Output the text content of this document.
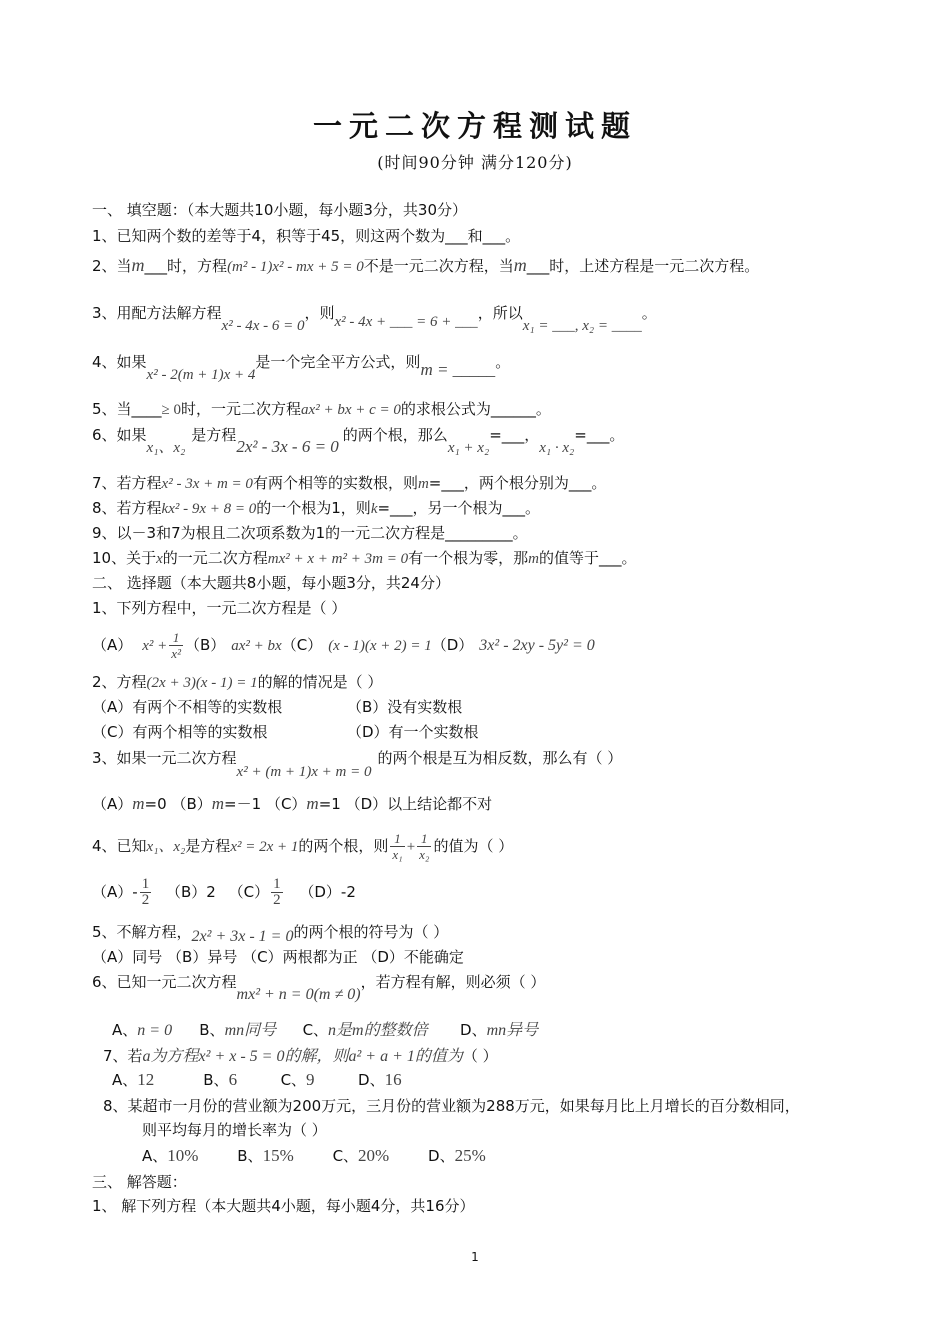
一元二次方程测试题
(时间90分钟 满分120分)
一、 填空题：（本大题共10小题，每小题3分，共30分）
1、已知两个数的差等于4，积等于45，则这两个数为___和___。
2、当m___时，方程(m² - 1)x² - mx + 5 = 0不是一元二次方程，当m___时，上述方程是一元二次方程。
3、用配方法解方程x² - 4x - 6 = 0，则x² - 4x + ___ = 6 + ___，所以x₁ = ___, x₂ = ____。
4、如果x² - 2(m + 1)x + 4是一个完全平方公式，则m = _____。
5、当____≥ 0时，一元二次方程ax² + bx + c = 0的求根公式为______。
6、如果x₁、x₂是方程2x² - 3x - 6 = 0的两个根，那么x₁ + x₂=___，x₁ · x₂=___。
7、若方程x² - 3x + m = 0有两个相等的实数根，则m=___，两个根分别为___。
8、若方程kx² - 9x + 8 = 0的一个根为1，则k=___，另一个根为___。
9、以－3和7为根且二次项系数为1的一元二次方程是_________。
10、关于x的一元二次方程mx² + x + m² + 3m = 0有一个根为零，那m的值等于___。
二、 选择题（本大题共8小题，每小题3分，共24分）
1、下列方程中，一元二次方程是（ ）
（A） $x^2 + \frac{1}{\text{x²}} (B) ax^2 + bx(C)$ (x - 1)(x + 2) = 1（D） 3x² - 2xy - 5y² = 0
2、方程(2x + 3)(x - 1) = 1的解的情况是（ ）
（A）有两个不相等的实数根	（B）没有实数根
（C）有两个相等的实数根	（D）有一个实数根
3、如果一元二次方程x² + (m + 1)x + m = 0的两个根是互为相反数，那么有（ ）
（A）m=0 （B）m=－1 （C）m=1 （D）以上结论都不对
4、已知x₁、x₂是方程x² = 2x + 1的两个根，则 $\frac{1}{\text{x₁}} + \frac{1}{\text{x₂}}$ 的值为（ ）
$(A)- \frac{1}{2} (B)2$ $(C) \frac{1}{2} (D)-2$
5、不解方程，2x² + 3x - 1 = 0的两个根的符号为（ ）
（A）同号 （B）异号 （C）两根都为正 （D）不能确定
6、已知一元二次方程mx² + n = 0(m ≠ 0)，若方程有解，则必须（ ）
A、n = 0 B、mn同号 C、n是m的整数倍 D、mn异号
7、若a为方程x² + x - 5 = 0的解，则a² + a + 1的值为（ ）
A、12	B、6	C、9	D、16
8、某超市一月份的营业额为200万元，三月份的营业额为288万元，如果每月比上月增长的百分数相同，
则平均每月的增长率为（ ）
A、10%	B、15%	C、20%	D、25%
三、 解答题：
1、 解下列方程（本大题共4小题，每小题4分，共16分）
1
